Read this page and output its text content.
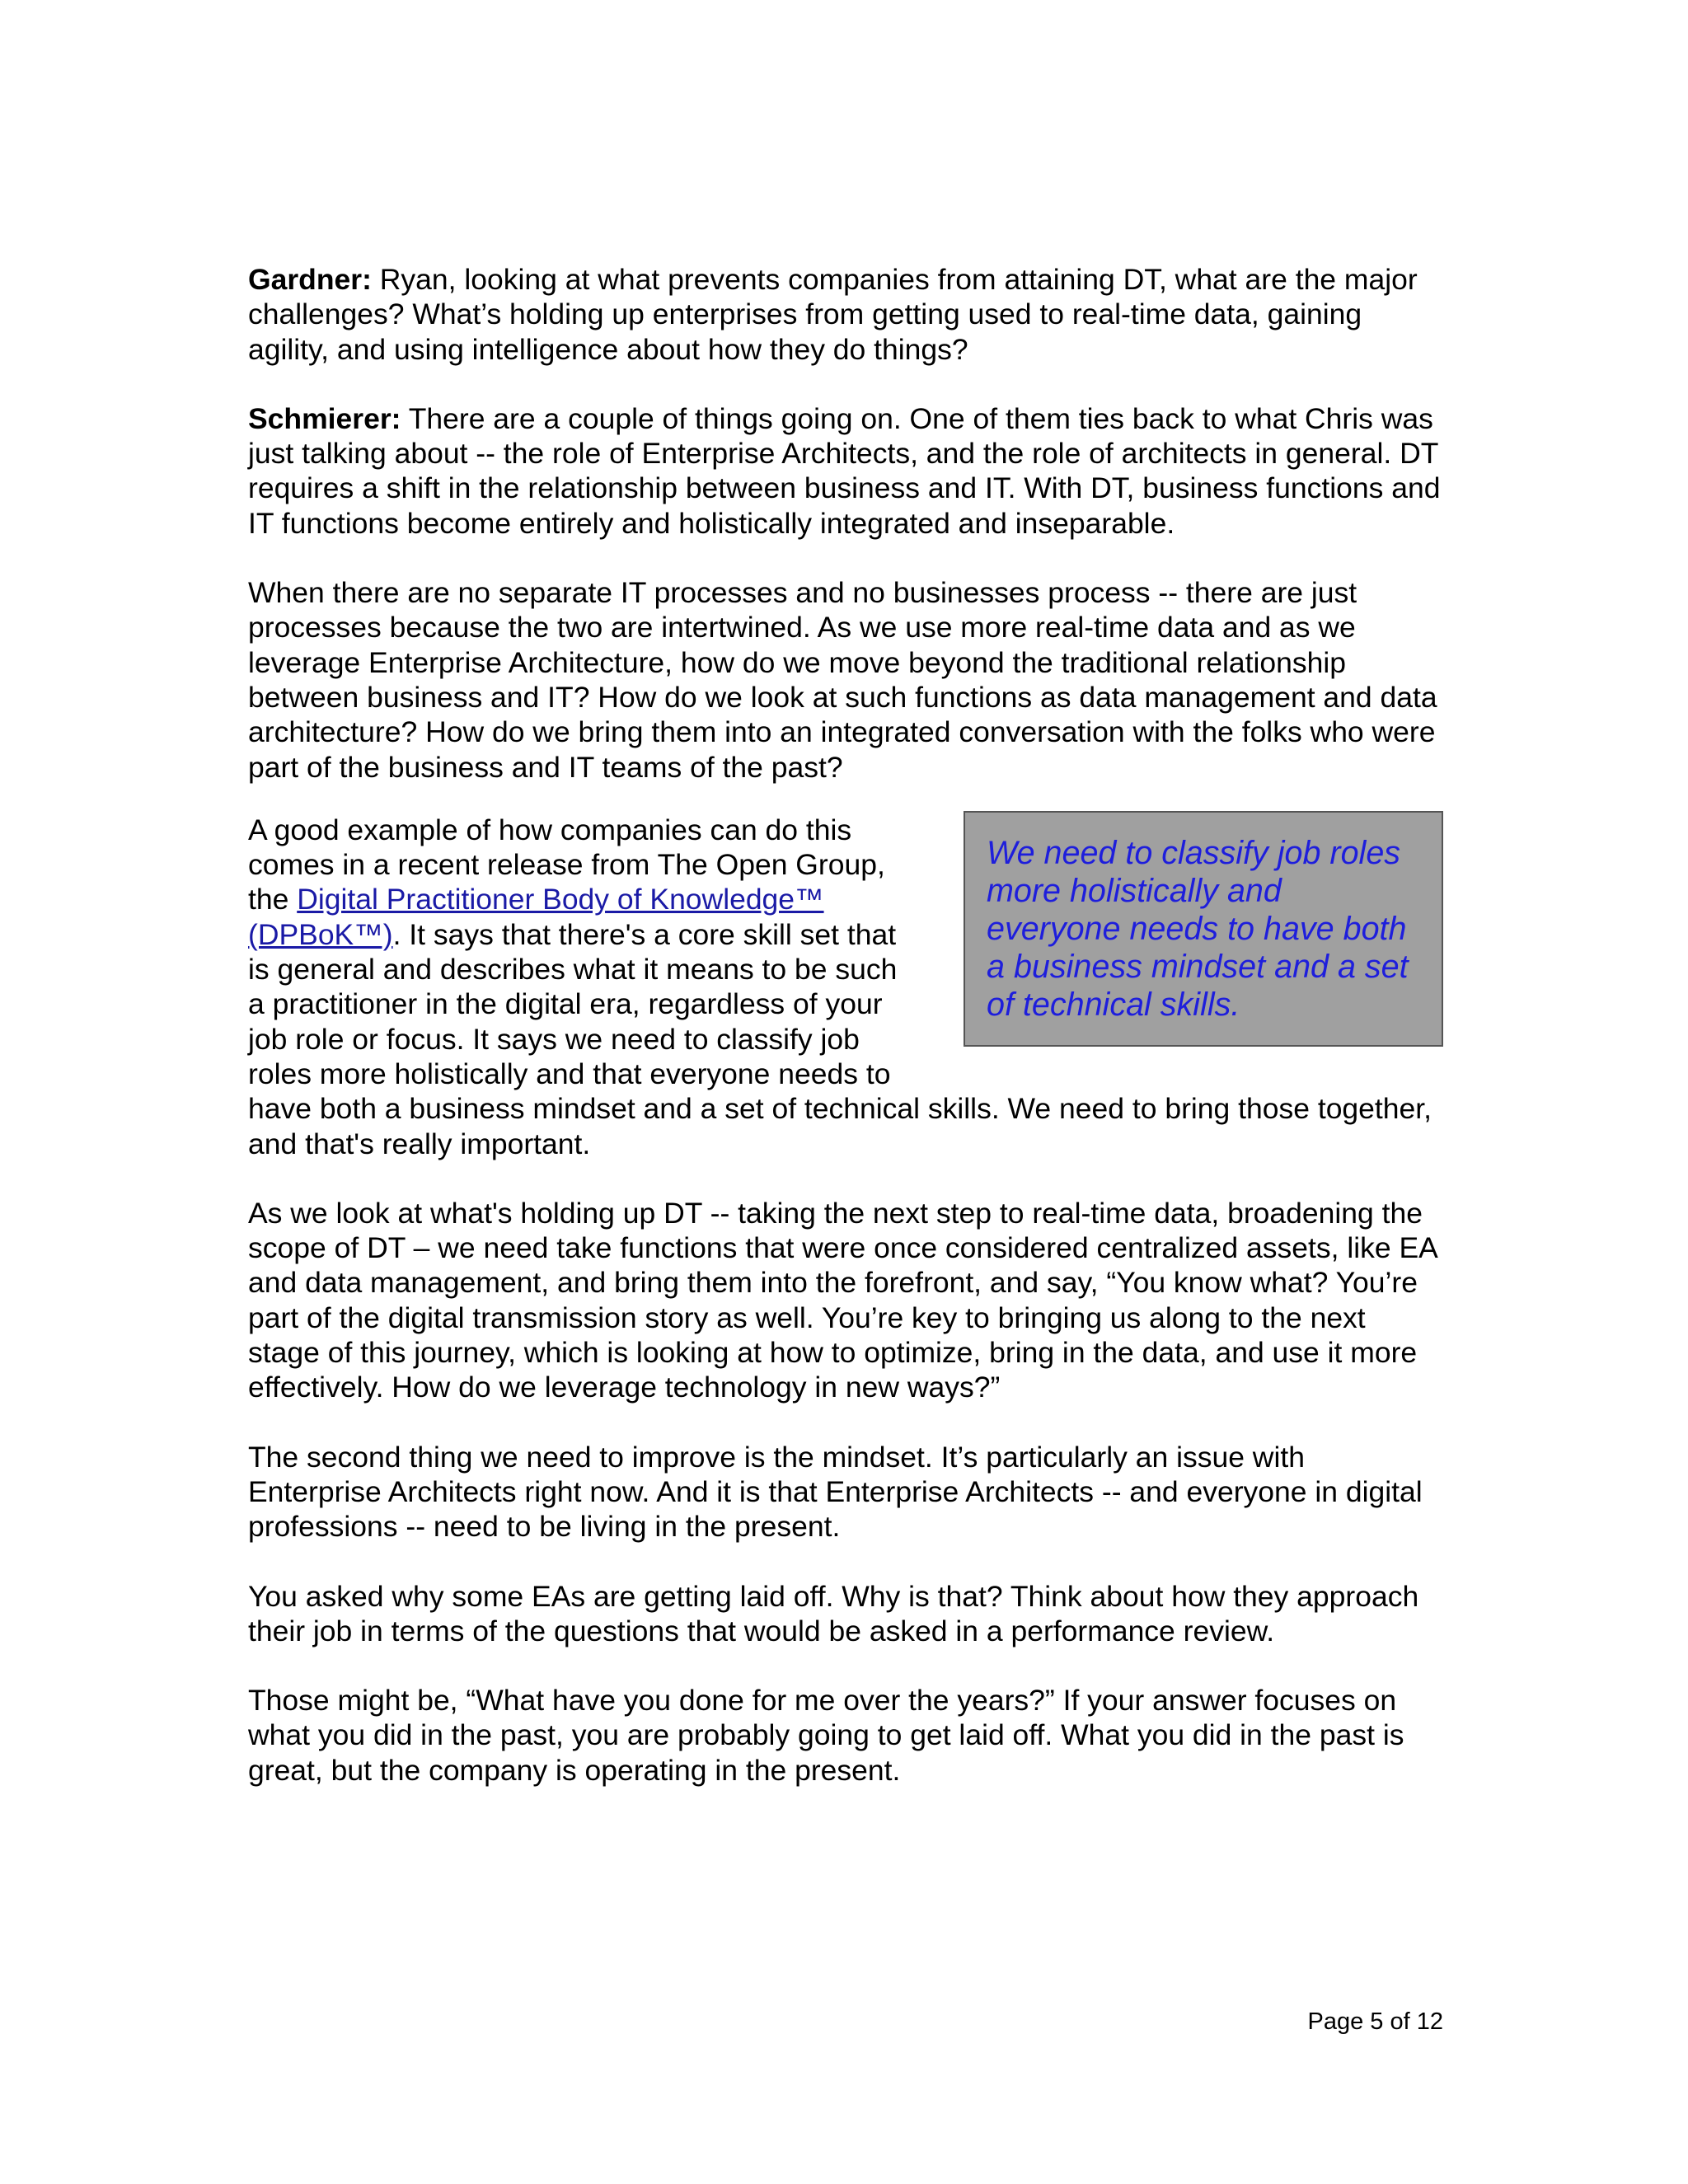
Gardner: Ryan, looking at what prevents companies from attaining DT, what are the major challenges? What’s holding up enterprises from getting used to real-time data, gaining agility, and using intelligence about how they do things?

Schmierer: There are a couple of things going on. One of them ties back to what Chris was just talking about -- the role of Enterprise Architects, and the role of architects in general. DT requires a shift in the relationship between business and IT. With DT, business functions and IT functions become entirely and holistically integrated and inseparable.

When there are no separate IT processes and no businesses process -- there are just processes because the two are intertwined. As we use more real-time data and as we leverage Enterprise Architecture, how do we move beyond the traditional relationship between business and IT? How do we look at such functions as data management and data architecture? How do we bring them into an integrated conversation with the folks who were part of the business and IT teams of the past?

We need to classify job roles more holistically and everyone needs to have both a business mindset and a set of technical skills.
A good example of how companies can do this comes in a recent release from The Open Group, the Digital Practitioner Body of Knowledge™ (DPBoK™). It says that there's a core skill set that is general and describes what it means to be such a practitioner in the digital era, regardless of your job role or focus. It says we need to classify job roles more holistically and that everyone needs to have both a business mindset and a set of technical skills. We need to bring those together, and that's really important.

As we look at what's holding up DT -- taking the next step to real-time data, broadening the scope of DT – we need take functions that were once considered centralized assets, like EA and data management, and bring them into the forefront, and say, “You know what? You’re part of the digital transmission story as well. You’re key to bringing us along to the next stage of this journey, which is looking at how to optimize, bring in the data, and use it more effectively. How do we leverage technology in new ways?”

The second thing we need to improve is the mindset. It’s particularly an issue with Enterprise Architects right now. And it is that Enterprise Architects -- and everyone in digital professions -- need to be living in the present.

You asked why some EAs are getting laid off. Why is that? Think about how they approach their job in terms of the questions that would be asked in a performance review.

Those might be, “What have you done for me over the years?” If your answer focuses on what you did in the past, you are probably going to get laid off. What you did in the past is great, but the company is operating in the present.

Page 5 of 12
